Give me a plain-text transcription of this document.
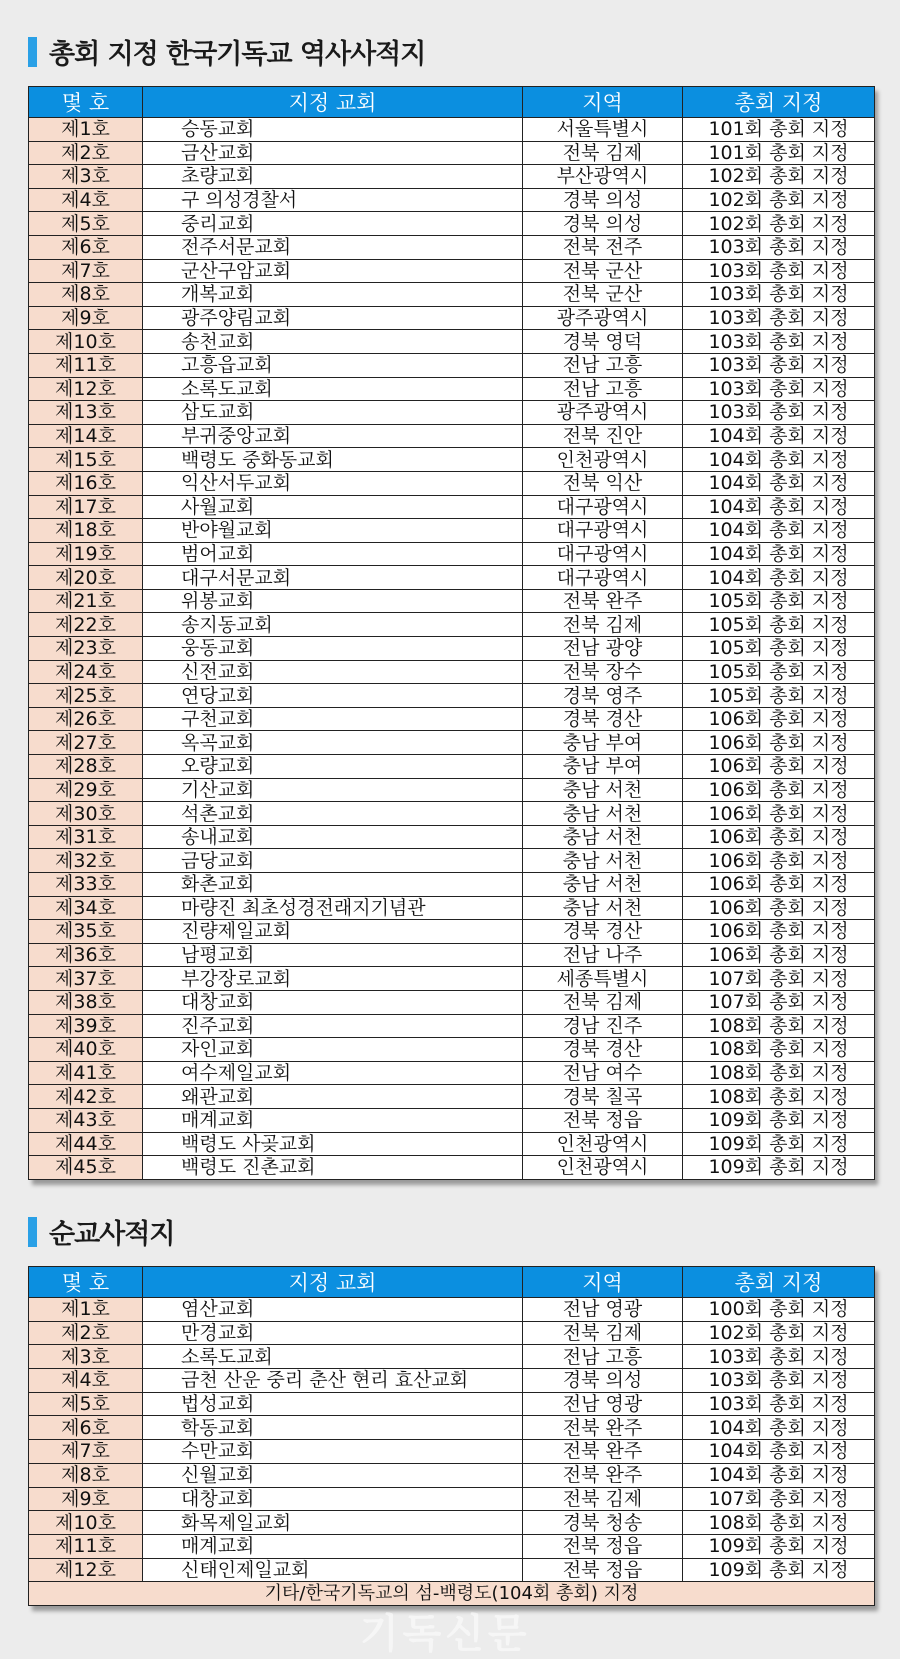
총회 지정 한국기독교 역사사적지
몇 호	지정 교회	지역	총회 지정
제1호	승동교회	서울특별시	101회 총회 지정
제2호	금산교회	전북 김제	101회 총회 지정
제3호	초량교회	부산광역시	102회 총회 지정
제4호	구 의성경찰서	경북 의성	102회 총회 지정
제5호	중리교회	경북 의성	102회 총회 지정
제6호	전주서문교회	전북 전주	103회 총회 지정
제7호	군산구암교회	전북 군산	103회 총회 지정
제8호	개복교회	전북 군산	103회 총회 지정
제9호	광주양림교회	광주광역시	103회 총회 지정
제10호	송천교회	경북 영덕	103회 총회 지정
제11호	고흥읍교회	전남 고흥	103회 총회 지정
제12호	소록도교회	전남 고흥	103회 총회 지정
제13호	삼도교회	광주광역시	103회 총회 지정
제14호	부귀중앙교회	전북 진안	104회 총회 지정
제15호	백령도 중화동교회	인천광역시	104회 총회 지정
제16호	익산서두교회	전북 익산	104회 총회 지정
제17호	사월교회	대구광역시	104회 총회 지정
제18호	반야월교회	대구광역시	104회 총회 지정
제19호	범어교회	대구광역시	104회 총회 지정
제20호	대구서문교회	대구광역시	104회 총회 지정
제21호	위봉교회	전북 완주	105회 총회 지정
제22호	송지동교회	전북 김제	105회 총회 지정
제23호	웅동교회	전남 광양	105회 총회 지정
제24호	신전교회	전북 장수	105회 총회 지정
제25호	연당교회	경북 영주	105회 총회 지정
제26호	구천교회	경북 경산	106회 총회 지정
제27호	옥곡교회	충남 부여	106회 총회 지정
제28호	오량교회	충남 부여	106회 총회 지정
제29호	기산교회	충남 서천	106회 총회 지정
제30호	석촌교회	충남 서천	106회 총회 지정
제31호	송내교회	충남 서천	106회 총회 지정
제32호	금당교회	충남 서천	106회 총회 지정
제33호	화촌교회	충남 서천	106회 총회 지정
제34호	마량진 최초성경전래지기념관	충남 서천	106회 총회 지정
제35호	진량제일교회	경북 경산	106회 총회 지정
제36호	남평교회	전남 나주	106회 총회 지정
제37호	부강장로교회	세종특별시	107회 총회 지정
제38호	대창교회	전북 김제	107회 총회 지정
제39호	진주교회	경남 진주	108회 총회 지정
제40호	자인교회	경북 경산	108회 총회 지정
제41호	여수제일교회	전남 여수	108회 총회 지정
제42호	왜관교회	경북 칠곡	108회 총회 지정
제43호	매계교회	전북 정읍	109회 총회 지정
제44호	백령도 사곶교회	인천광역시	109회 총회 지정
제45호	백령도 진촌교회	인천광역시	109회 총회 지정
순교사적지
몇 호	지정 교회	지역	총회 지정
제1호	염산교회	전남 영광	100회 총회 지정
제2호	만경교회	전북 김제	102회 총회 지정
제3호	소록도교회	전남 고흥	103회 총회 지정
제4호	금천 산운 중리 춘산 현리 효산교회	경북 의성	103회 총회 지정
제5호	법성교회	전남 영광	103회 총회 지정
제6호	학동교회	전북 완주	104회 총회 지정
제7호	수만교회	전북 완주	104회 총회 지정
제8호	신월교회	전북 완주	104회 총회 지정
제9호	대창교회	전북 김제	107회 총회 지정
제10호	화목제일교회	경북 청송	108회 총회 지정
제11호	매계교회	전북 정읍	109회 총회 지정
제12호	신태인제일교회	전북 정읍	109회 총회 지정
기타/한국기독교의 섬-백령도(104회 총회) 지정			
기독신문
